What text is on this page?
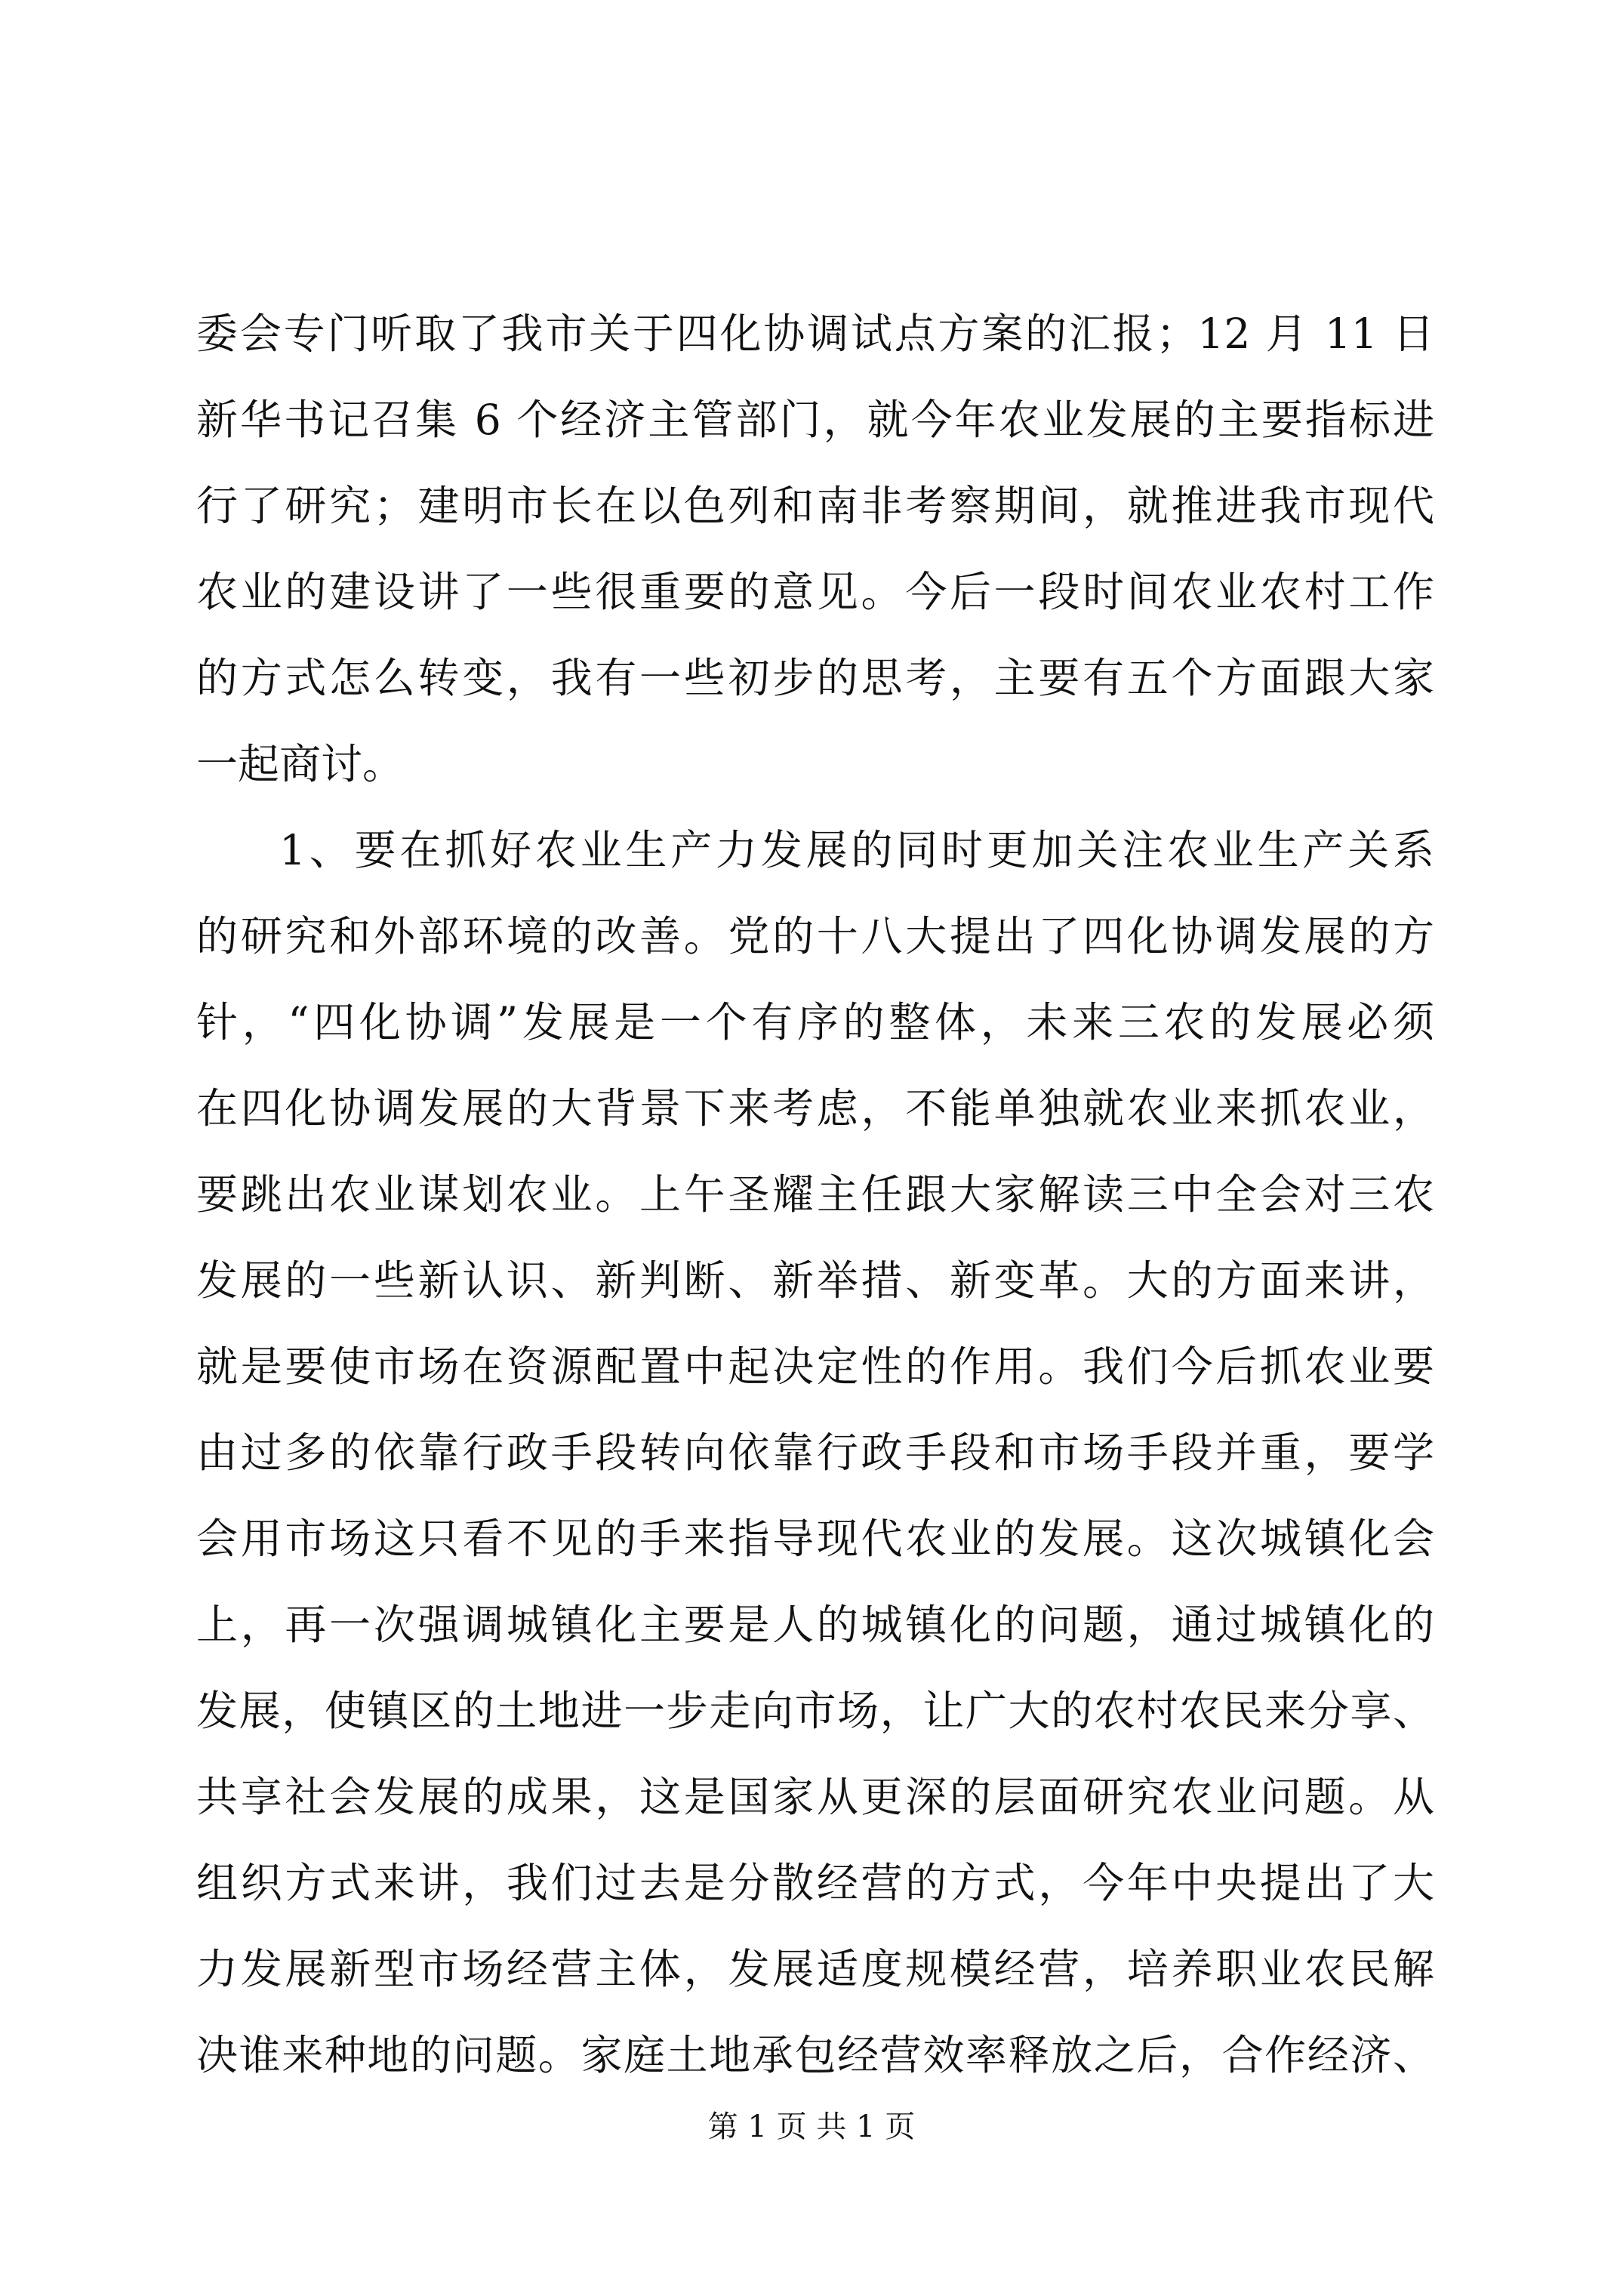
委会专门听取了我市关于四化协调试点方案的汇报；12 月 11 日
新华书记召集 6 个经济主管部门，就今年农业发展的主要指标进
行了研究；建明市长在以色列和南非考察期间，就推进我市现代
农业的建设讲了一些很重要的意见。今后一段时间农业农村工作
的方式怎么转变，我有一些初步的思考，主要有五个方面跟大家
一起商讨。
1、要在抓好农业生产力发展的同时更加关注农业生产关系
的研究和外部环境的改善。党的十八大提出了四化协调发展的方
针，“四化协调”发展是一个有序的整体，未来三农的发展必须
在四化协调发展的大背景下来考虑，不能单独就农业来抓农业，
要跳出农业谋划农业。上午圣耀主任跟大家解读三中全会对三农
发展的一些新认识、新判断、新举措、新变革。大的方面来讲，
就是要使市场在资源配置中起决定性的作用。我们今后抓农业要
由过多的依靠行政手段转向依靠行政手段和市场手段并重，要学
会用市场这只看不见的手来指导现代农业的发展。这次城镇化会
上，再一次强调城镇化主要是人的城镇化的问题，通过城镇化的
发展，使镇区的土地进一步走向市场，让广大的农村农民来分享、
共享社会发展的成果，这是国家从更深的层面研究农业问题。从
组织方式来讲，我们过去是分散经营的方式，今年中央提出了大
力发展新型市场经营主体，发展适度规模经营，培养职业农民解
决谁来种地的问题。家庭土地承包经营效率释放之后，合作经济、
第 1 页 共 1 页
